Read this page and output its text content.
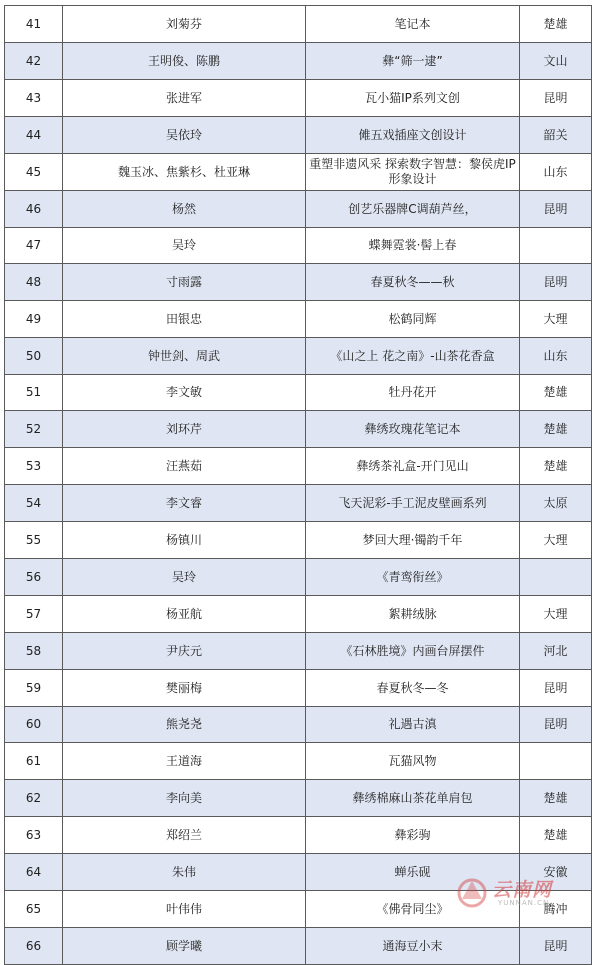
41	刘菊芬	笔记本	楚雄
42	王明俊、陈鹏	彝“筛一逮”	文山
43	张进军	瓦小猫IP系列文创	昆明
44	吴依玲	傩五戏插座文创设计	韶关
45	魏玉冰、焦紫杉、杜亚琳	重塑非遗风采 探索数字智慧：黎侯虎IP形象设计	山东
46	杨然	创艺乐器牌C调葫芦丝，	昆明
47	吴玲	蝶舞霓裳·髻上春	
48	寸雨露	春夏秋冬——秋	昆明
49	田银忠	松鹤同辉	大理
50	钟世剑、周武	《山之上 花之南》-山茶花香盒	山东
51	李文敏	牡丹花开	楚雄
52	刘环芹	彝绣玫瑰花笔记本	楚雄
53	汪燕茹	彝绣茶礼盒-开门见山	楚雄
54	李文睿	飞天泥彩-手工泥皮壁画系列	太原
55	杨镇川	梦回大理·镯韵千年	大理
56	吴玲	《青鸾衔丝》	
57	杨亚航	絮耕绒脉	大理
58	尹庆元	《石林胜境》内画台屏摆件	河北
59	樊丽梅	春夏秋冬—冬	昆明
60	熊尧尧	礼遇古滇	昆明
61	王道海	瓦猫风物	
62	李向美	彝绣棉麻山茶花单肩包	楚雄
63	郑绍兰	彝彩驹	楚雄
64	朱伟	蝉乐砚	安徽
65	叶伟伟	《佛骨同尘》	腾冲
66	顾学曦	通海豆小末	昆明
云南网
YUNNAN.CN
